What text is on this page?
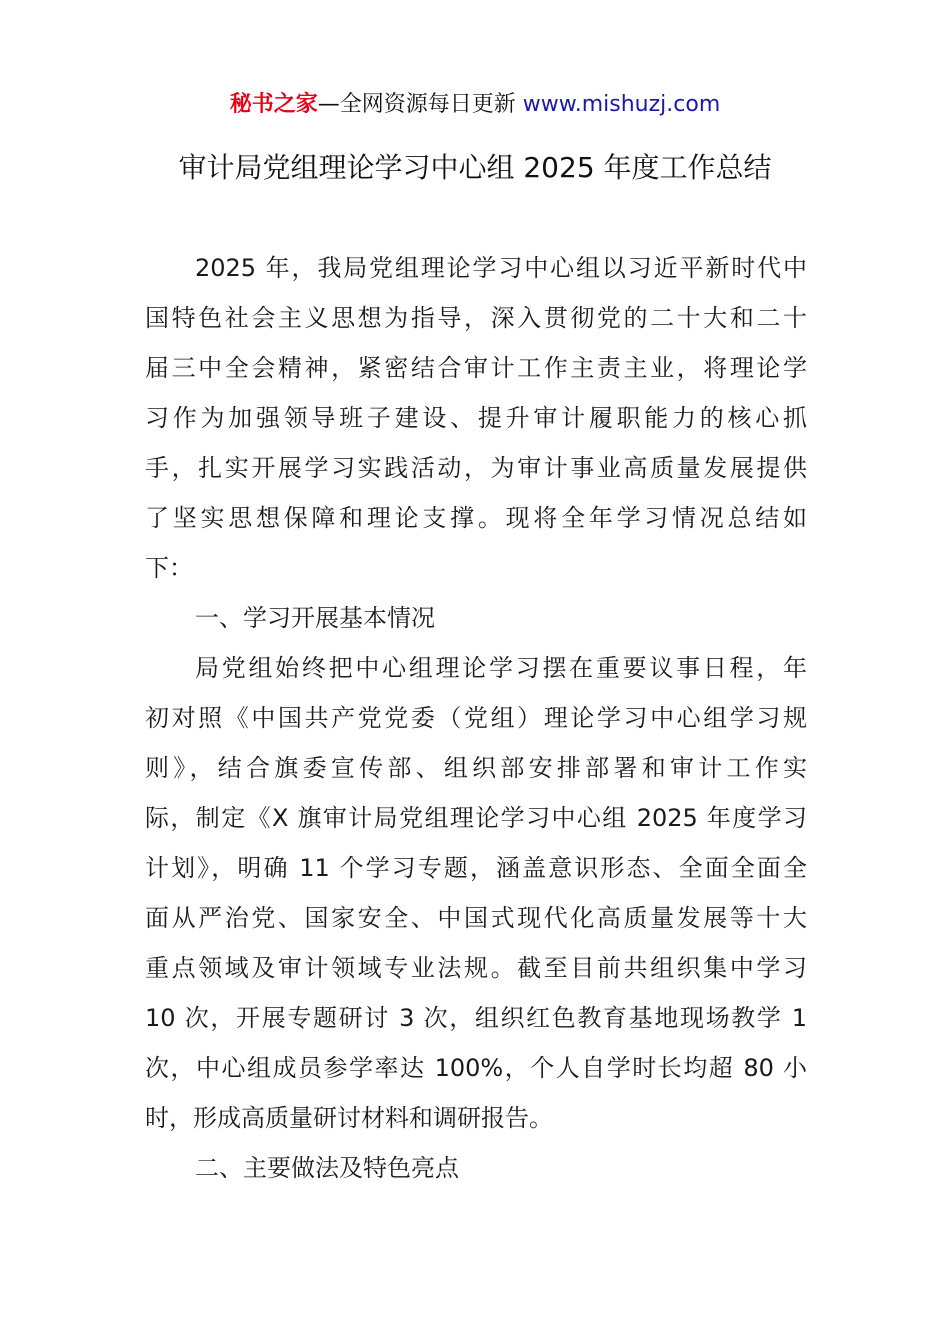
秘书之家—全网资源每日更新 www.mishuzj.com
审计局党组理论学习中心组 2025 年度工作总结
2025 年，我局党组理论学习中心组以习近平新时代中
国特色社会主义思想为指导，深入贯彻党的二十大和二十
届三中全会精神，紧密结合审计工作主责主业，将理论学
习作为加强领导班子建设、提升审计履职能力的核心抓
手，扎实开展学习实践活动，为审计事业高质量发展提供
了坚实思想保障和理论支撑。现将全年学习情况总结如
下：
一、学习开展基本情况
局党组始终把中心组理论学习摆在重要议事日程，年
初对照《中国共产党党委（党组）理论学习中心组学习规
则》，结合旗委宣传部、组织部安排部署和审计工作实
际，制定《X 旗审计局党组理论学习中心组 2025 年度学习
计划》，明确 11 个学习专题，涵盖意识形态、全面全面全
面从严治党、国家安全、中国式现代化高质量发展等十大
重点领域及审计领域专业法规。截至目前共组织集中学习
10 次，开展专题研讨 3 次，组织红色教育基地现场教学 1
次，中心组成员参学率达 100%，个人自学时长均超 80 小
时，形成高质量研讨材料和调研报告。
二、主要做法及特色亮点
